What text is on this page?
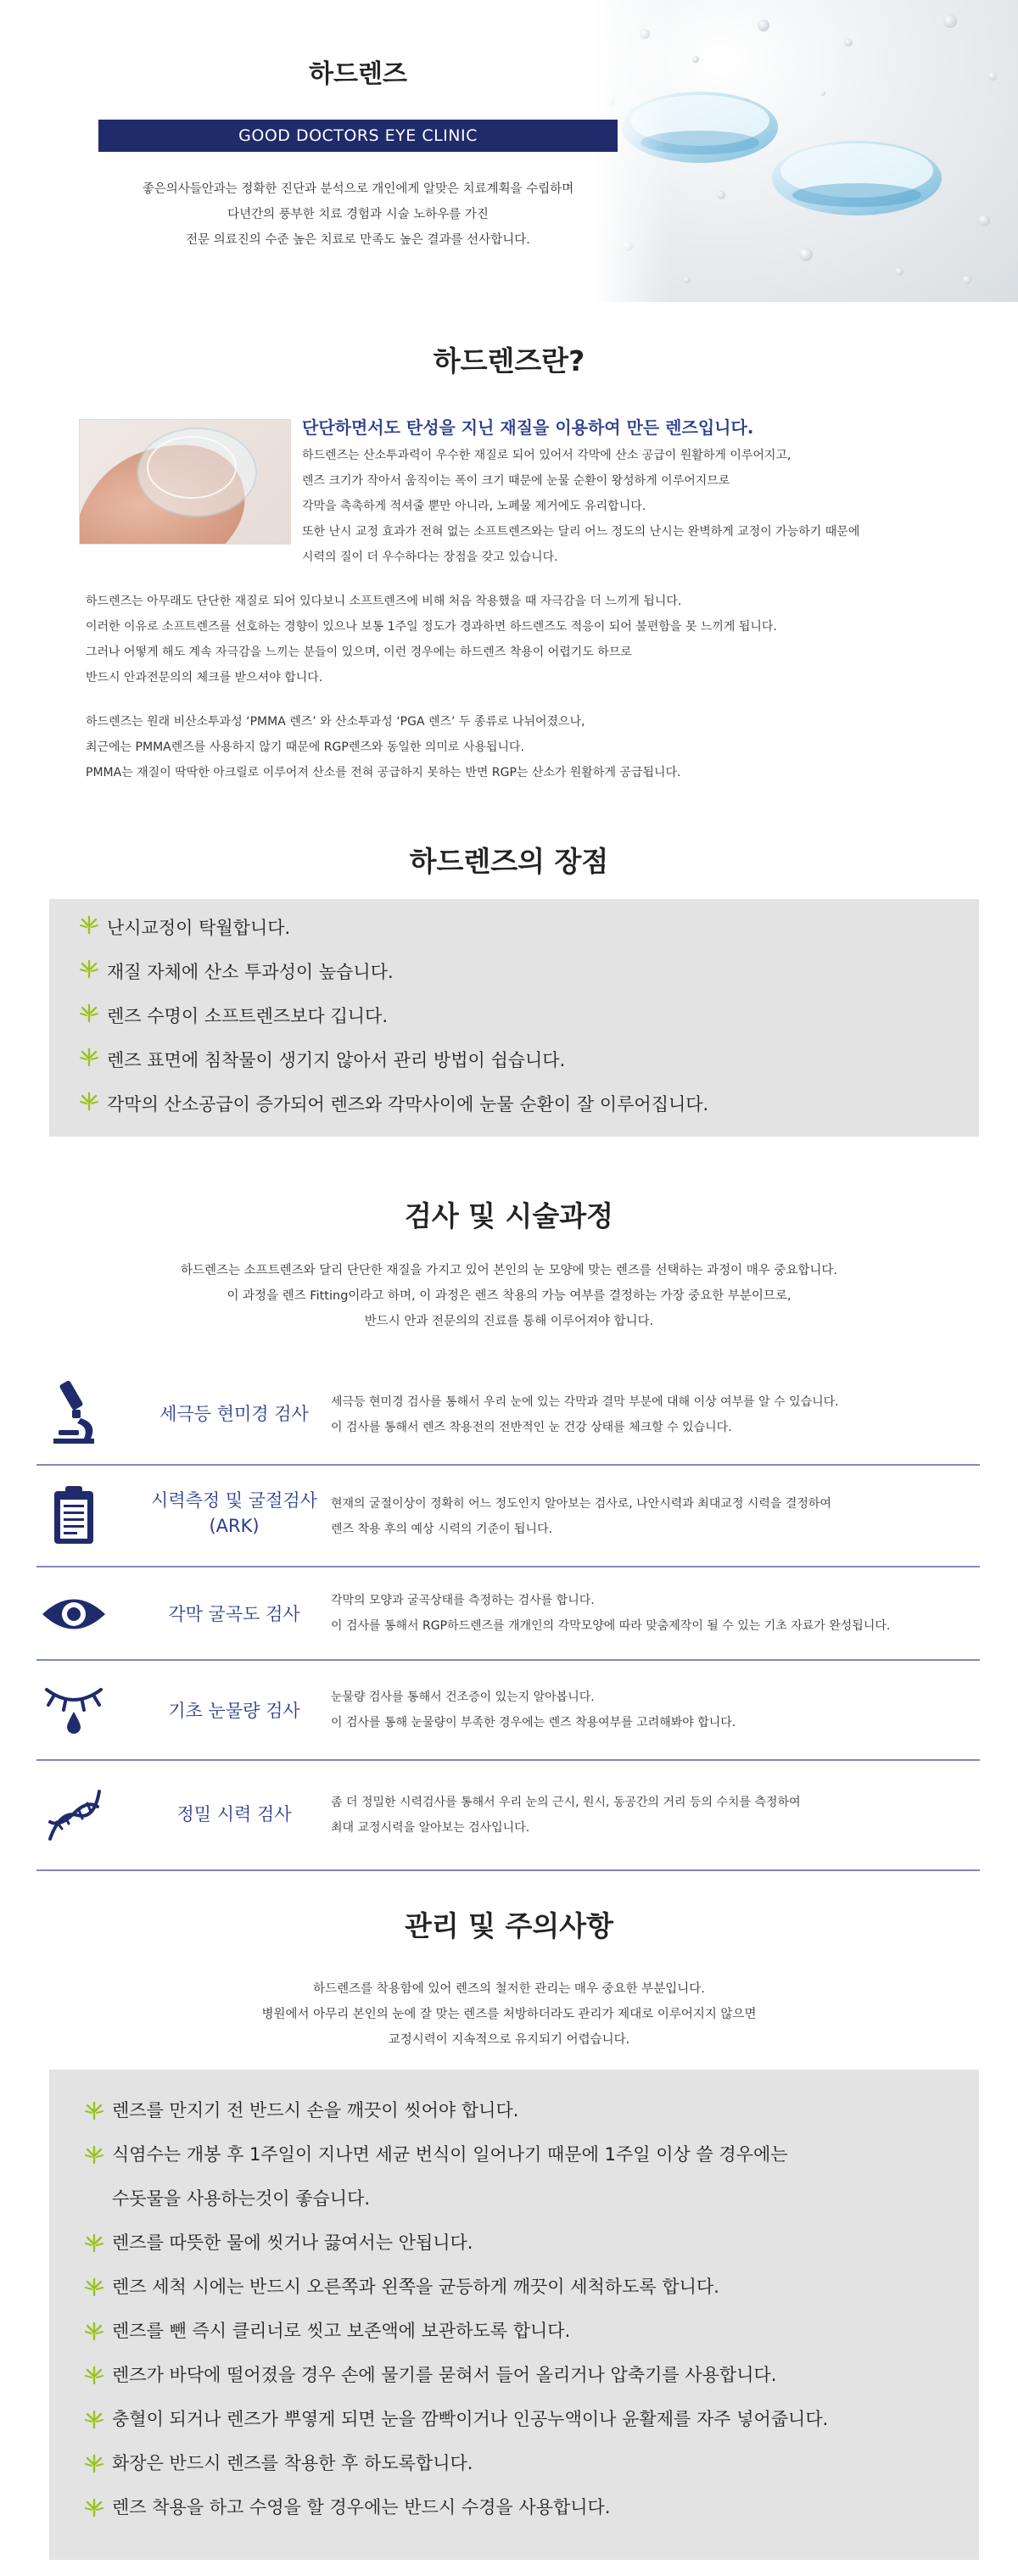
하드렌즈
GOOD DOCTORS EYE CLINIC
좋은의사들안과는 정확한 진단과 분석으로 개인에게 알맞은 치료계획을 수립하며
다년간의 풍부한 치료 경험과 시술 노하우를 가진
전문 의료진의 수준 높은 치료로 만족도 높은 결과를 선사합니다.
하드렌즈란?
단단하면서도 탄성을 지닌 재질을 이용하여 만든 렌즈입니다.
하드렌즈는 산소투과력이 우수한 재질로 되어 있어서 각막에 산소 공급이 원활하게 이루어지고,
렌즈 크기가 작아서 움직이는 폭이 크기 때문에 눈물 순환이 왕성하게 이루어지므로
각막을 촉촉하게 적셔줄 뿐만 아니라, 노폐물 제거에도 유리합니다.
또한 난시 교정 효과가 전혀 없는 소프트렌즈와는 달리 어느 정도의 난시는 완벽하게 교정이 가능하기 때문에
시력의 질이 더 우수하다는 장점을 갖고 있습니다.
하드렌즈는 아무래도 단단한 재질로 되어 있다보니 소프트렌즈에 비해 처음 착용했을 때 자극감을 더 느끼게 됩니다.
이러한 이유로 소프트렌즈를 선호하는 경향이 있으나 보통 1주일 정도가 경과하면 하드렌즈도 적응이 되어 불편함을 못 느끼게 됩니다.
그러나 어떻게 해도 계속 자극감을 느끼는 분들이 있으며, 이런 경우에는 하드렌즈 착용이 어렵기도 하므로
반드시 안과전문의의 체크를 받으셔야 합니다.
하드렌즈는 원래 비산소투과성 ‘PMMA 렌즈’ 와 산소투과성 ‘PGA 렌즈’ 두 종류로 나뉘어졌으나,
최근에는 PMMA렌즈를 사용하지 않기 때문에 RGP렌즈와 동일한 의미로 사용됩니다.
PMMA는 재질이 딱딱한 아크릴로 이루어져 산소를 전혀 공급하지 못하는 반면 RGP는 산소가 원활하게 공급됩니다.
하드렌즈의 장점
난시교정이 탁월합니다.
재질 자체에 산소 투과성이 높습니다.
렌즈 수명이 소프트렌즈보다 깁니다.
렌즈 표면에 침착물이 생기지 않아서 관리 방법이 쉽습니다.
각막의 산소공급이 증가되어 렌즈와 각막사이에 눈물 순환이 잘 이루어집니다.
검사 및 시술과정
하드렌즈는 소프트렌즈와 달리 단단한 재질을 가지고 있어 본인의 눈 모양에 맞는 렌즈를 선택하는 과정이 매우 중요합니다.
이 과정을 렌즈 Fitting이라고 하며, 이 과정은 렌즈 착용의 가능 여부를 결정하는 가장 중요한 부분이므로,
반드시 안과 전문의의 진료를 통해 이루어져야 합니다.
세극등 현미경 검사
세극등 현미경 검사를 통해서 우리 눈에 있는 각막과 결막 부분에 대해 이상 여부를 알 수 있습니다.
이 검사를 통해서 렌즈 착용전의 전반적인 눈 건강 상태를 체크할 수 있습니다.
시력측정 및 굴절검사
(ARK)
현재의 굴절이상이 정확히 어느 정도인지 알아보는 검사로, 나안시력과 최대교정 시력을 결정하여
렌즈 착용 후의 예상 시력의 기준이 됩니다.
각막 굴곡도 검사
각막의 모양과 굴곡상태를 측정하는 검사를 합니다.
이 검사를 통해서 RGP하드렌즈를 개개인의 각막모양에 따라 맞춤제작이 될 수 있는 기초 자료가 완성됩니다.
기초 눈물량 검사
눈물량 검사를 통해서 건조증이 있는지 알아봅니다.
이 검사를 통해 눈물량이 부족한 경우에는 렌즈 착용여부를 고려해봐야 합니다.
정밀 시력 검사
좀 더 정밀한 시력검사를 통해서 우리 눈의 근시, 원시, 동공간의 거리 등의 수치를 측정하여
최대 교정시력을 알아보는 검사입니다.
관리 및 주의사항
하드렌즈를 착용함에 있어 렌즈의 철저한 관리는 매우 중요한 부분입니다.
병원에서 아무리 본인의 눈에 잘 맞는 렌즈를 처방하더라도 관리가 제대로 이루어지지 않으면
교정시력이 지속적으로 유지되기 어렵습니다.
렌즈를 만지기 전 반드시 손을 깨끗이 씻어야 합니다.
식염수는 개봉 후 1주일이 지나면 세균 번식이 일어나기 때문에 1주일 이상 쓸 경우에는
수돗물을 사용하는것이 좋습니다.
렌즈를 따뜻한 물에 씻거나 끓여서는 안됩니다.
렌즈 세척 시에는 반드시 오른쪽과 왼쪽을 균등하게 깨끗이 세척하도록 합니다.
렌즈를 뺀 즉시 클리너로 씻고 보존액에 보관하도록 합니다.
렌즈가 바닥에 떨어졌을 경우 손에 물기를 묻혀서 들어 올리거나 압축기를 사용합니다.
충혈이 되거나 렌즈가 뿌옇게 되면 눈을 깜빡이거나 인공누액이나 윤활제를 자주 넣어줍니다.
화장은 반드시 렌즈를 착용한 후 하도록합니다.
렌즈 착용을 하고 수영을 할 경우에는 반드시 수경을 사용합니다.
